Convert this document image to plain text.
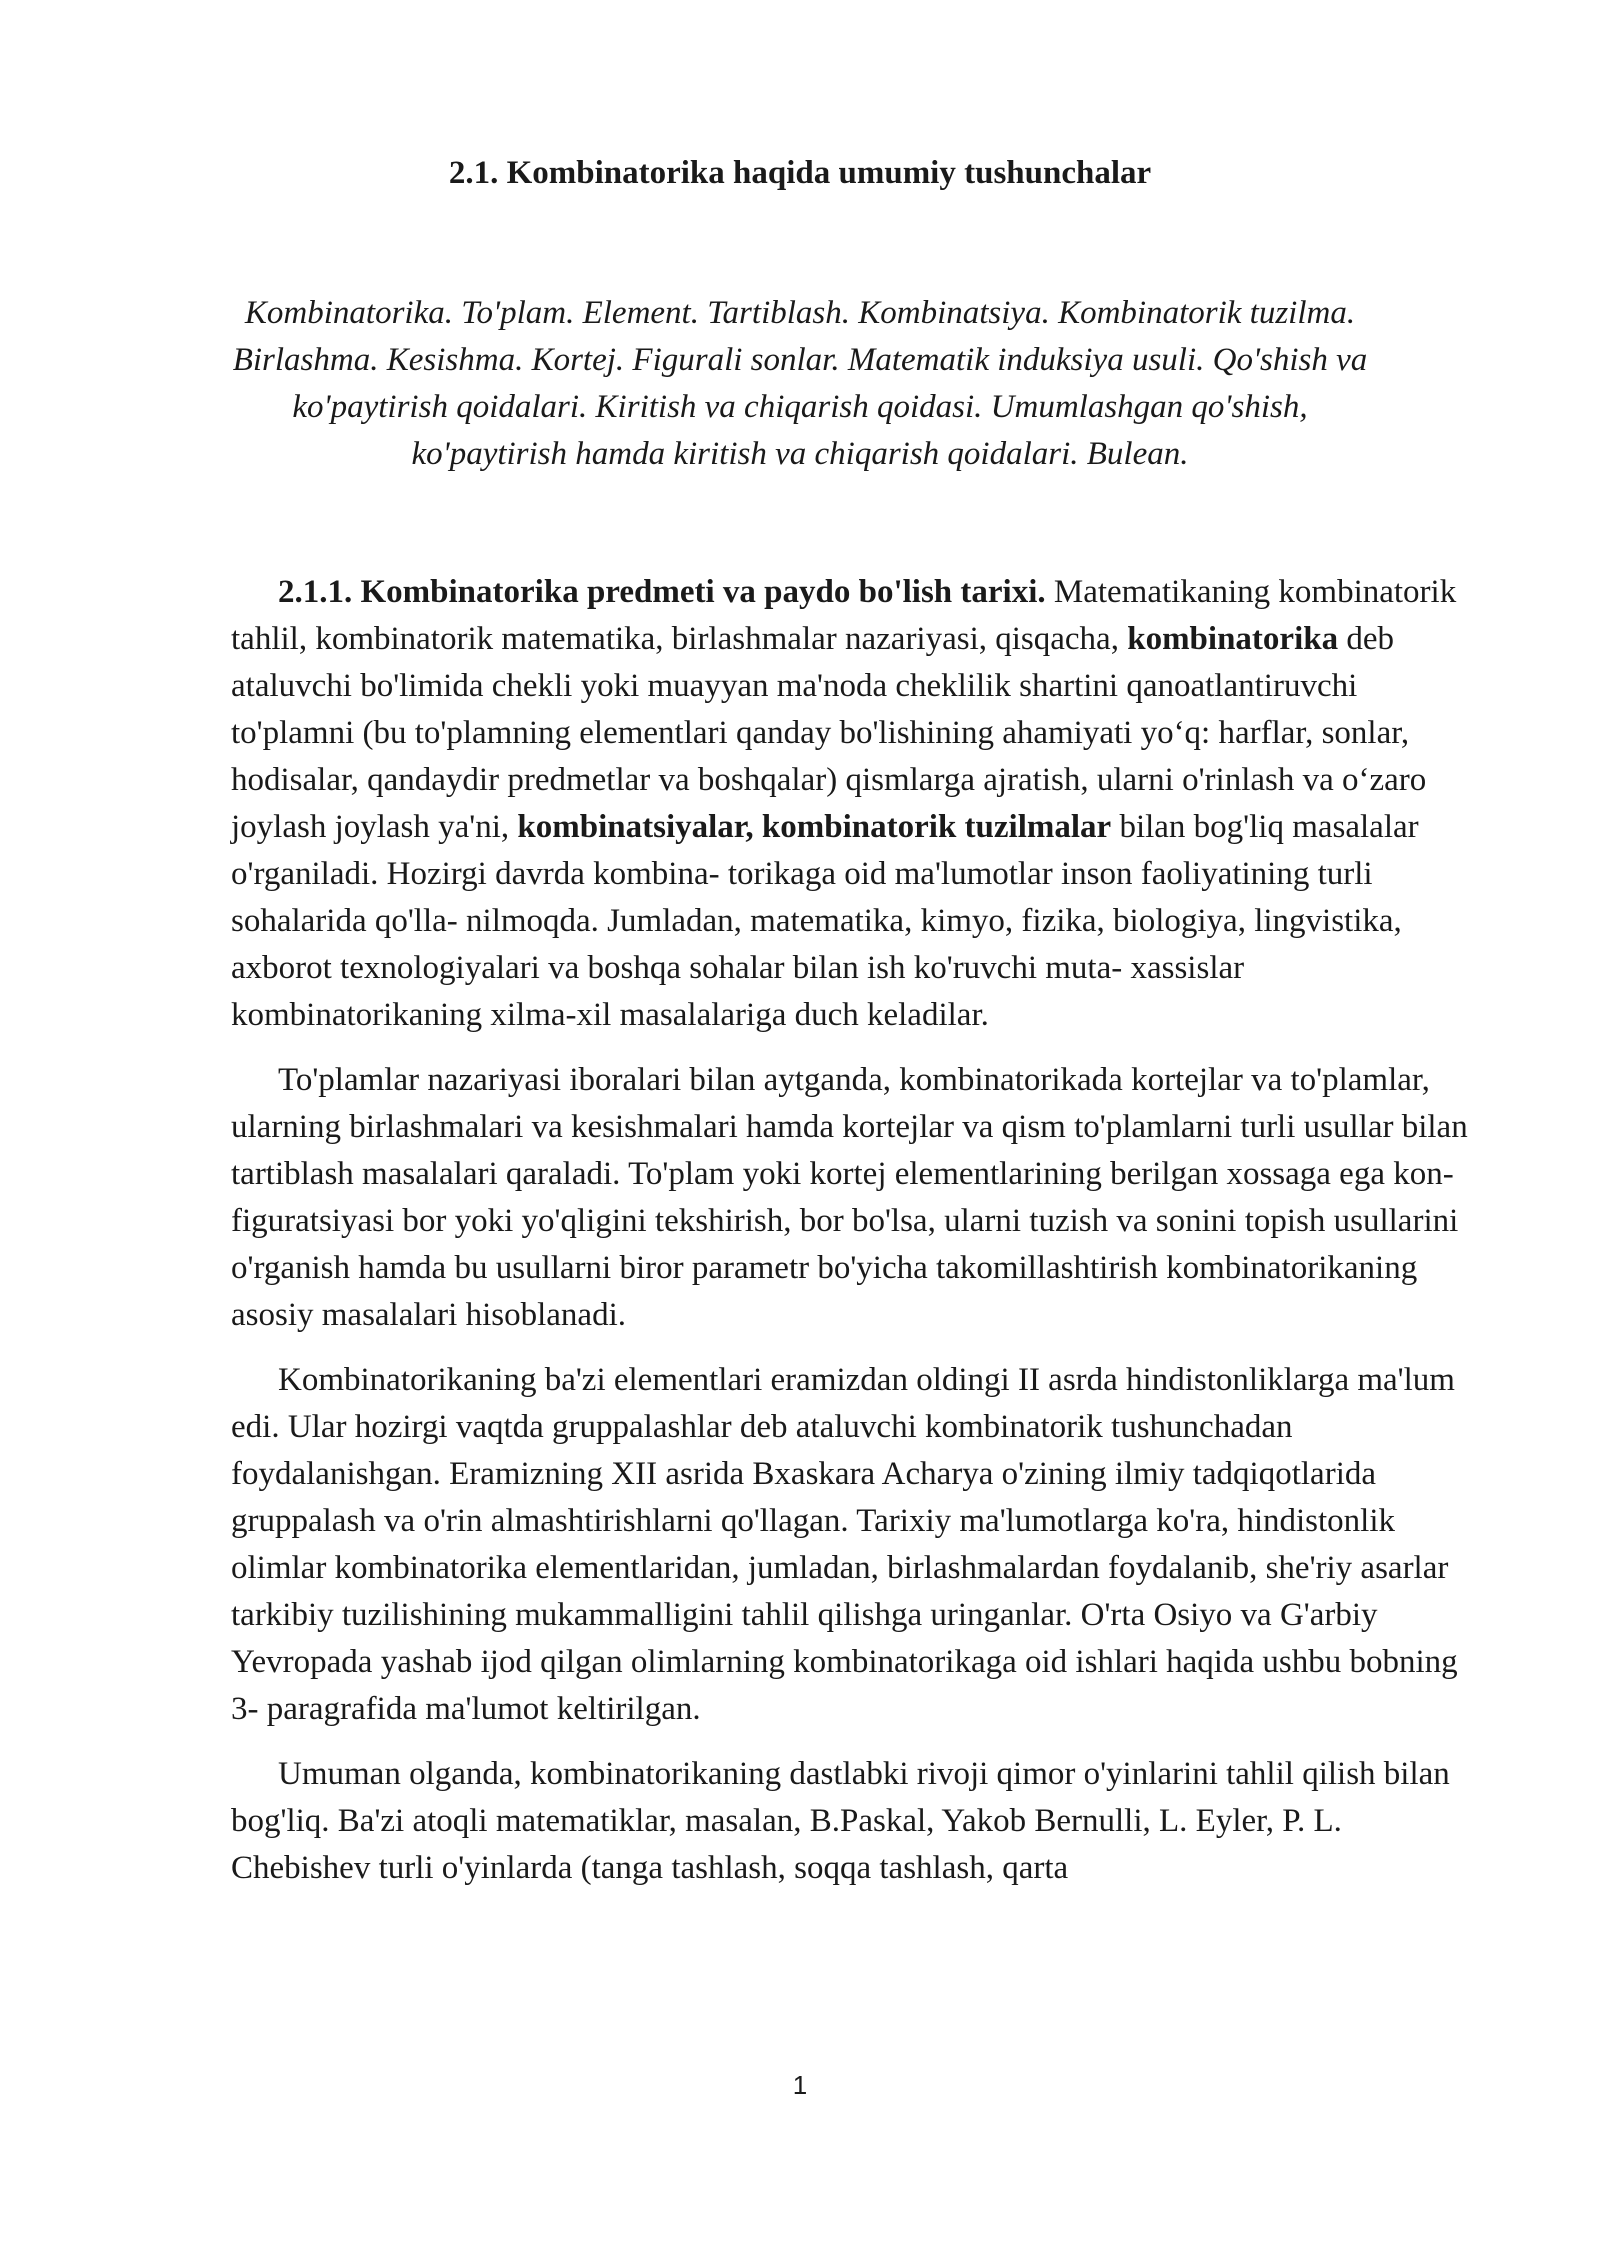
2.1. Kombinatorika haqida umumiy tushunchalar

Kombinatorika. To'plam. Element. Tartiblash. Kombinatsiya. Kombinatorik tuzilma. Birlashma. Kesishma. Kortej. Figurali sonlar. Matematik induksiya usuli. Qo'shish va ko'paytirish qoidalari. Kiritish va chiqarish qoidasi. Umumlashgan qo'shish, ko'paytirish hamda kiritish va chiqarish qoidalari. Bulean.

2.1.1. Kombinatorika predmeti va paydo bo'lish tarixi. Matematikaning kombinatorik tahlil, kombinatorik matematika, birlashmalar nazariyasi, qisqacha, kombinatorika deb ataluvchi bo'limida chekli yoki muayyan ma'noda cheklilik shartini qanoatlantiruvchi to'plamni (bu to'plamning elementlari qanday bo'lishining ahamiyati yo‘q: harflar, sonlar, hodisalar, qandaydir predmetlar va boshqalar) qismlarga ajratish, ularni o'rinlash va o‘zaro joylash joylash ya'ni, kombinatsiyalar, kombinatorik tuzilmalar bilan bog'liq masalalar o'rganiladi. Hozirgi davrda kombina- torikaga oid ma'lumotlar inson faoliyatining turli sohalarida qo'lla- nilmoqda. Jumladan, matematika, kimyo, fizika, biologiya, lingvistika, axborot texnologiyalari va boshqa sohalar bilan ish ko'ruvchi muta- xassislar kombinatorikaning xilma-xil masalalariga duch keladilar.

To'plamlar nazariyasi iboralari bilan aytganda, kombinatorikada kortejlar va to'plamlar, ularning birlashmalari va kesishmalari hamda kortejlar va qism to'plamlarni turli usullar bilan tartiblash masalalari qaraladi. To'plam yoki kortej elementlarining berilgan xossaga ega kon- figuratsiyasi bor yoki yo'qligini tekshirish, bor bo'lsa, ularni tuzish va sonini topish usullarini o'rganish hamda bu usullarni biror parametr bo'yicha takomillashtirish kombinatorikaning asosiy masalalari hisoblanadi.

Kombinatorikaning ba'zi elementlari eramizdan oldingi II asrda hindistonliklarga ma'lum edi. Ular hozirgi vaqtda gruppalashlar deb ataluvchi kombinatorik tushunchadan foydalanishgan. Eramizning XII asrida Bxaskara Acharya o'zining ilmiy tadqiqotlarida gruppalash va o'rin almashtirishlarni qo'llagan. Tarixiy ma'lumotlarga ko'ra, hindistonlik olimlar kombinatorika elementlaridan, jumladan, birlashmalardan foydalanib, she'riy asarlar tarkibiy tuzilishining mukammalligini tahlil qilishga uringanlar. O'rta Osiyo va G'arbiy Yevropada yashab ijod qilgan olimlarning kombinatorikaga oid ishlari haqida ushbu bobning 3- paragrafida ma'lumot keltirilgan.

Umuman olganda, kombinatorikaning dastlabki rivoji qimor o'yinlarini tahlil qilish bilan bog'liq. Ba'zi atoqli matematiklar, masalan, B.Paskal, Yakob Bernulli, L. Eyler, P. L. Chebishev turli o'yinlarda (tanga tashlash, soqqa tashlash, qarta

1
